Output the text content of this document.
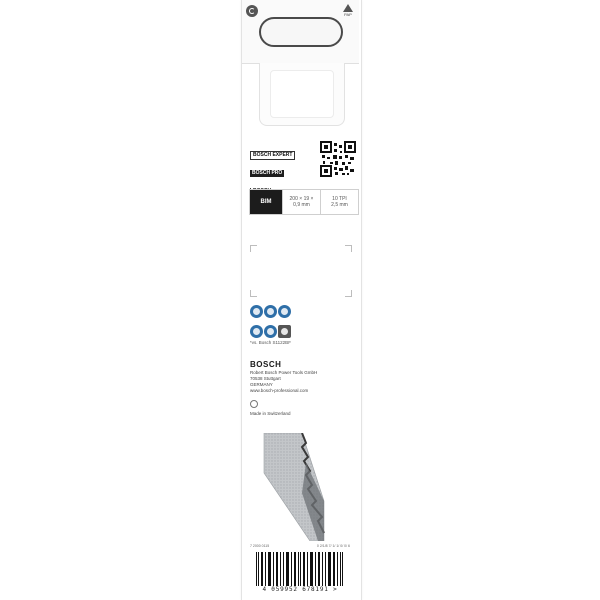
PAP
BOSCH EXPERT
BOSCH PRO

BIM	200 × 19 ×
0,9 mm
10 TPI
2,5 mm

*vs. Bosch S1122BF
BOSCH
Robert Bosch Power Tools GmbH
70538 Stuttgart
GERMANY
www.bosch-professional.com
Made in Switzerland
7 2000 0115	0 2/1/8 7/ 1/ 1/ 0/ 0/ 6
4 059952 678191 >
